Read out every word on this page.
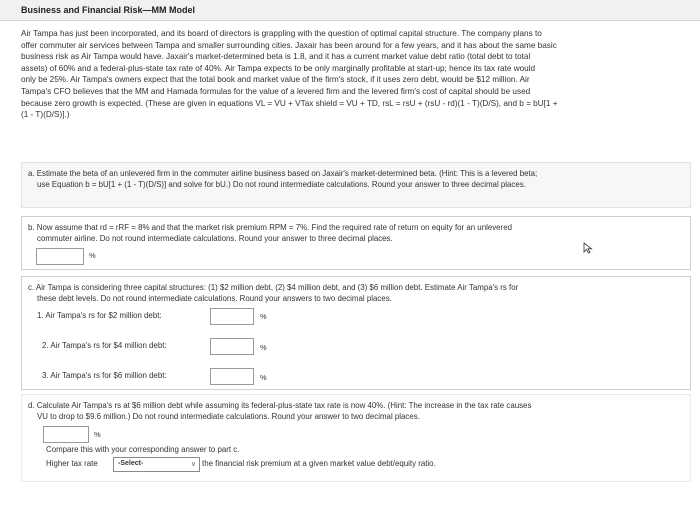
Business and Financial Risk—MM Model
Air Tampa has just been incorporated, and its board of directors is grappling with the question of optimal capital structure. The company plans to
offer commuter air services between Tampa and smaller surrounding cities. Jaxair has been around for a few years, and it has about the same basic
business risk as Air Tampa would have. Jaxair's market-determined beta is 1.8, and it has a current market value debt ratio (total debt to total
assets) of 60% and a federal-plus-state tax rate of 40%. Air Tampa expects to be only marginally profitable at start-up; hence its tax rate would
only be 25%. Air Tampa's owners expect that the total book and market value of the firm's stock, if it uses zero debt, would be $12 million. Air
Tampa's CFO believes that the MM and Hamada formulas for the value of a levered firm and the levered firm's cost of capital should be used
because zero growth is expected. (These are given in equations VL = VU + VTax shield = VU + TD, rsL = rsU + (rsU - rd)(1 - T)(D/S), and b = bU[1 +
(1 - T)(D/S)].)
a. Estimate the beta of an unlevered firm in the commuter airline business based on Jaxair's market-determined beta. (Hint: This is a levered beta;
use Equation b = bU[1 + (1 - T)(D/S)] and solve for bU.) Do not round intermediate calculations. Round your answer to three decimal places.
b. Now assume that rd = rRF = 8% and that the market risk premium RPM = 7%. Find the required rate of return on equity for an unlevered
commuter airline. Do not round intermediate calculations. Round your answer to three decimal places.
%
c. Air Tampa is considering three capital structures: (1) $2 million debt, (2) $4 million debt, and (3) $6 million debt. Estimate Air Tampa's rs for
these debt levels. Do not round intermediate calculations. Round your answers to two decimal places.
1. Air Tampa's rs for $2 million debt:	%
2. Air Tampa's rs for $4 million debt:	%
3. Air Tampa's rs for $6 million debt:	%
d. Calculate Air Tampa's rs at $6 million debt while assuming its federal-plus-state tax rate is now 40%. (Hint: The increase in the tax rate causes
VU to drop to $9.6 million.) Do not round intermediate calculations. Round your answer to two decimal places.
%
Compare this with your corresponding answer to part c.
Higher tax rate	-Select-	∨ the financial risk premium at a given market value debt/equity ratio.
